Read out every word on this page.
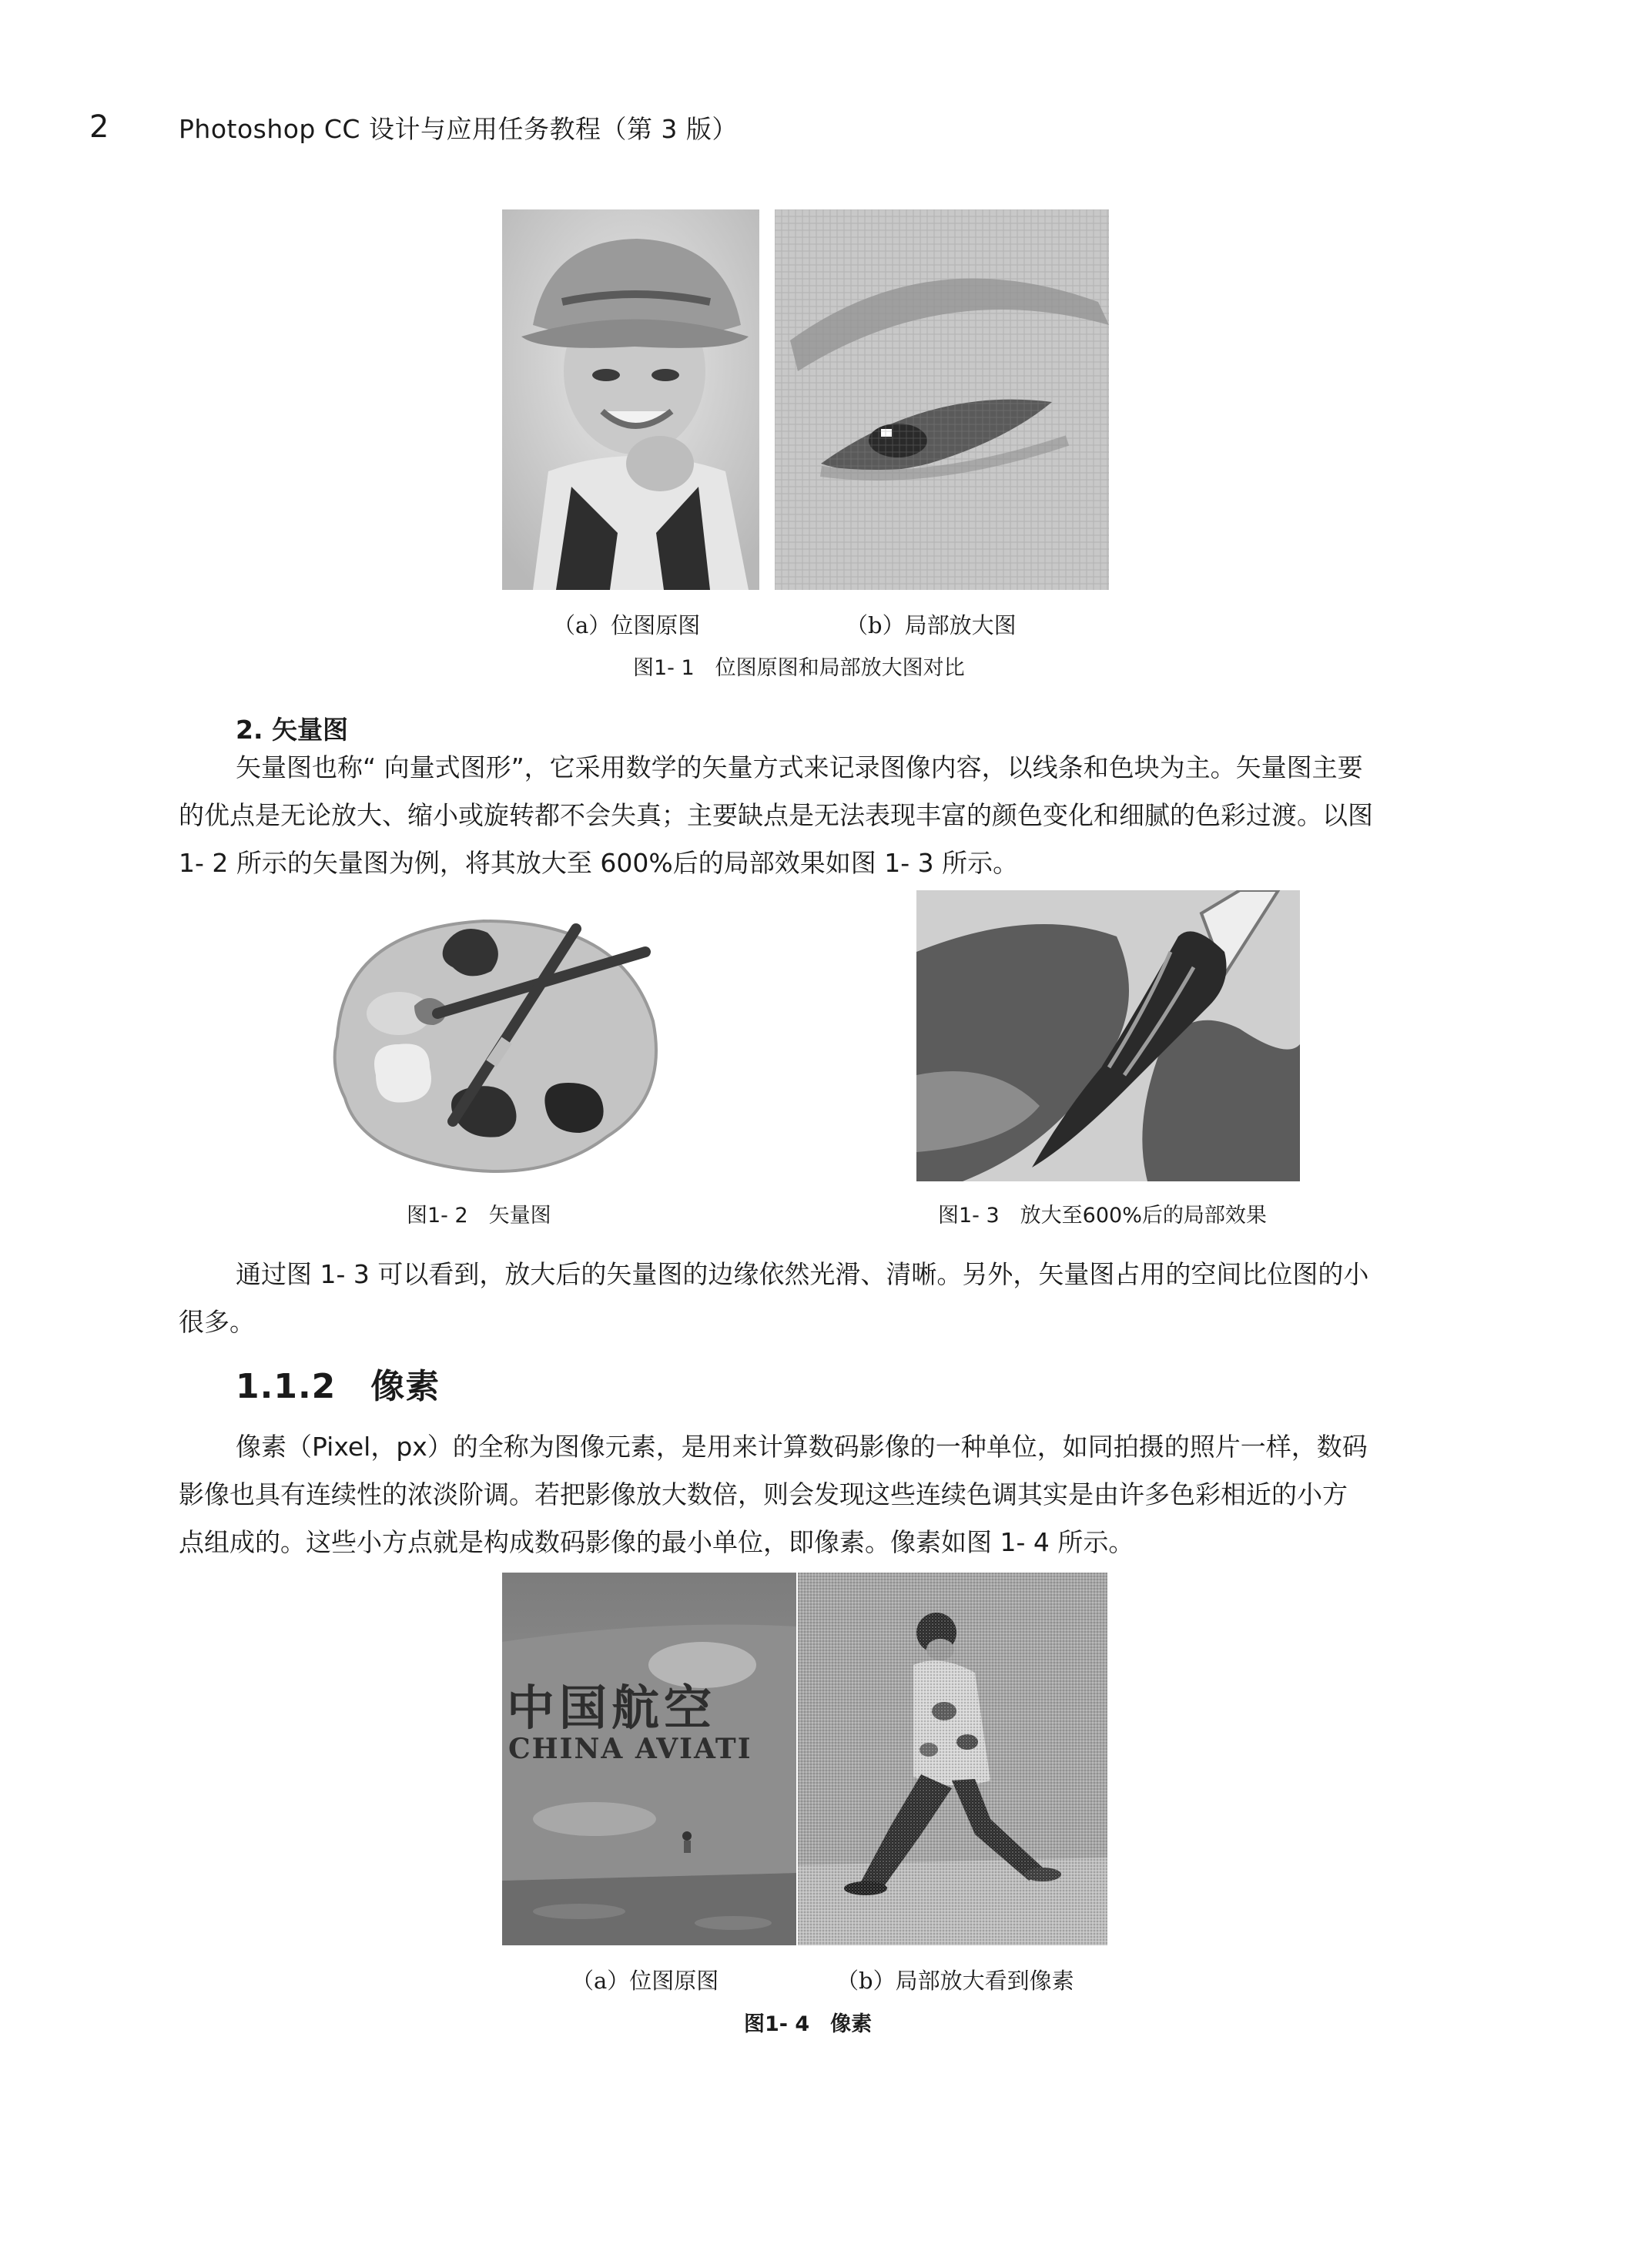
2	Photoshop CC 设计与应用任务教程（第 3 版）
（a）位图原图	（b）局部放大图
图1- 1　位图原图和局部放大图对比
2. 矢量图
矢量图也称“ 向量式图形”，它采用数学的矢量方式来记录图像内容，以线条和色块为主。矢量图主要
的优点是无论放大、缩小或旋转都不会失真；主要缺点是无法表现丰富的颜色变化和细腻的色彩过渡。以图
1- 2 所示的矢量图为例，将其放大至 600%后的局部效果如图 1- 3 所示。
图1- 2　矢量图	图1- 3　放大至600%后的局部效果
通过图 1- 3 可以看到，放大后的矢量图的边缘依然光滑、清晰。另外，矢量图占用的空间比位图的小
很多。
1.1.2　像素
像素（Pixel，px）的全称为图像元素，是用来计算数码影像的一种单位，如同拍摄的照片一样，数码
影像也具有连续性的浓淡阶调。若把影像放大数倍，则会发现这些连续色调其实是由许多色彩相近的小方
点组成的。这些小方点就是构成数码影像的最小单位，即像素。像素如图 1- 4 所示。
中国航空
CHINA AVIATI
（a）位图原图	（b）局部放大看到像素
图1- 4　像素
